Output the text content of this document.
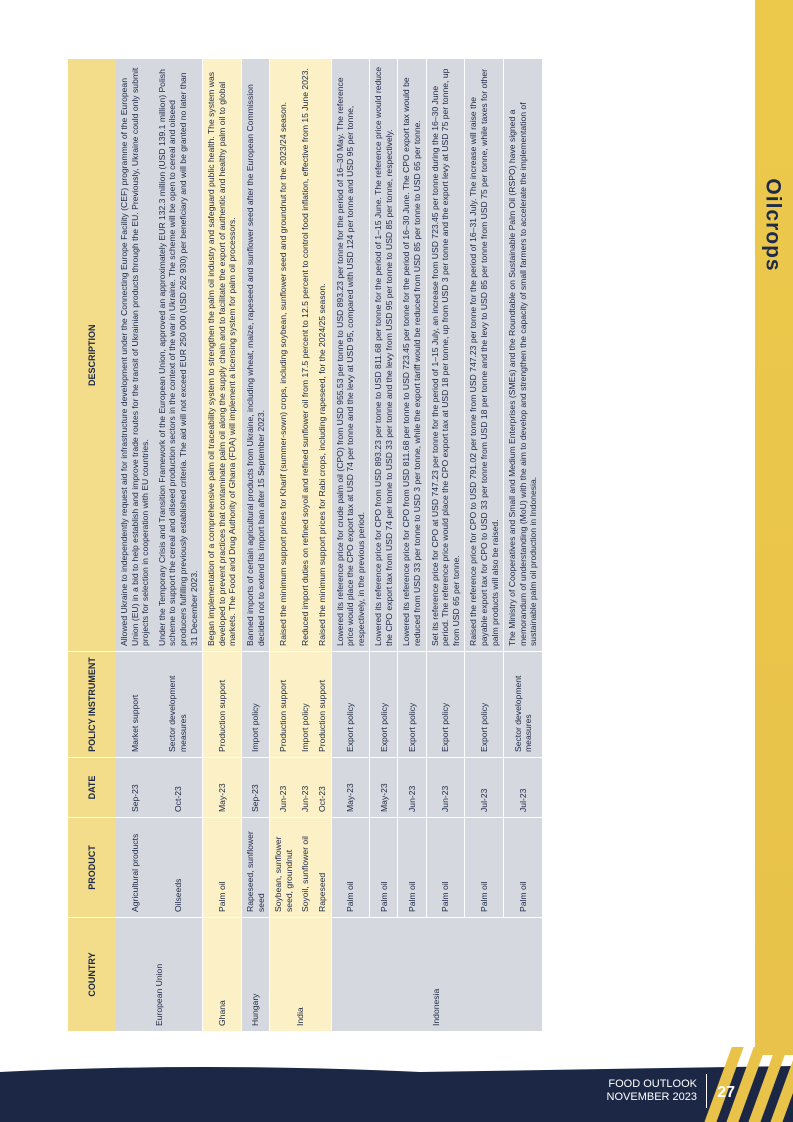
Oilcrops
COUNTRY	PRODUCT	DATE	POLICY INSTRUMENT	DESCRIPTION
European Union	Agricultural products	Sep-23	Market support	Allowed Ukraine to independently request aid for infrastructure development under the Connecting Europe Facility (CEF) programme of the European Union (EU) in a bid to help establish and improve trade routes for the transit of Ukrainian products through the EU. Previously, Ukraine could only submit projects for selection in cooperation with EU countries.
	Oilseeds	Oct-23	Sector development measures	Under the Temporary Crisis and Transition Framework of the European Union, approved an approximately EUR 132.3 million (USD 139.1 million) Polish scheme to support the cereal and oilseed production sectors in the context of the war in Ukraine. The scheme will be open to cereal and oilseed producers fulfilling previously established criteria. The aid will not exceed EUR 250 000 (USD 262 930) per beneficiary and will be granted no later than 31 December 2023.
Ghana	Palm oil	May-23	Production support	Began implementation of a comprehensive palm oil traceability system to strengthen the palm oil industry and safeguard public health. The system was developed to prevent practices that contaminate palm oil along the supply chain and to facilitate the export of authentic and healthy palm oil to global markets. The Food and Drug Authority of Ghana (FDA) will implement a licensing system for palm oil processors.
Hungary	Rapeseed, sunflower seed	Sep-23	Import policy	Banned imports of certain agricultural products from Ukraine, including wheat, maize, rapeseed and sunflower seed after the European Commission decided not to extend its import ban after 15 September 2023.
India	Soybean, sunflower seed, groundnut	Jun-23	Production support	Raised the minimum support prices for Kharif (summer-sown) crops, including soybean, sunflower seed and groundnut for the 2023/24 season.
	Soyoil, sunflower oil	Jun-23	Import policy	Reduced import duties on refined soyoil and refined sunflower oil from 17.5 percent to 12.5 percent to control food inflation, effective from 15 June 2023.
	Rapeseed	Oct-23	Production support	Raised the minimum support prices for Rabi crops, including rapeseed, for the 2024/25 season.
Indonesia	Palm oil	May-23	Export policy	Lowered its reference price for crude palm oil (CPO) from USD 955.53 per tonne to USD 893.23 per tonne for the period of 16–30 May. The reference price would place the CPO export tax at USD 74 per tonne and the levy at USD 95, compared with USD 124 per tonne and USD 95 per tonne, respectively, in the previous period.
	Palm oil	May-23	Export policy	Lowered its reference price for CPO from USD 893.23 per tonne to USD 811.68 per tonne for the period of 1–15 June. The reference price would reduce the CPO export tax from USD 74 per tonne to USD 33 per tonne and the levy from USD 95 per tonne to USD 85 per tonne, respectively.
	Palm oil	Jun-23	Export policy	Lowered its reference price for CPO from USD 811.68 per tonne to USD 723.45 per tonne for the period of 16–30 June. The CPO export tax would be reduced from USD 33 per tonne to USD 3 per tonne, while the export tariff would be reduced from USD 85 per tonne to USD 65 per tonne.
	Palm oil	Jun-23	Export policy	Set its reference price for CPO at USD 747.23 per tonne for the period of 1–15 July, an increase from USD 723.45 per tonne during the 16–30 June period. The reference price would place the CPO export tax at USD 18 per tonne, up from USD 3 per tonne and the export levy at USD 75 per tonne, up from USD 65 per tonne.
	Palm oil	Jul-23	Export policy	Raised the reference price for CPO to USD 791.02 per tonne from USD 747.23 per tonne for the period of 16–31 July. The increase will raise the payable export tax for CPO to USD 33 per tonne from USD 18 per tonne and the levy to USD 85 per tonne from USD 75 per tonne, while taxes for other palm products will also be raised.
	Palm oil	Jul-23	Sector development measures	The Ministry of Cooperatives and Small and Medium Enterprises (SMEs) and the Roundtable on Sustainable Palm Oil (RSPO) have signed a memorandum of understanding (MoU) with the aim to develop and strengthen the capacity of small farmers to accelerate the implementation of sustainable palm oil production in Indonesia.
FOOD OUTLOOK
NOVEMBER 2023 27
